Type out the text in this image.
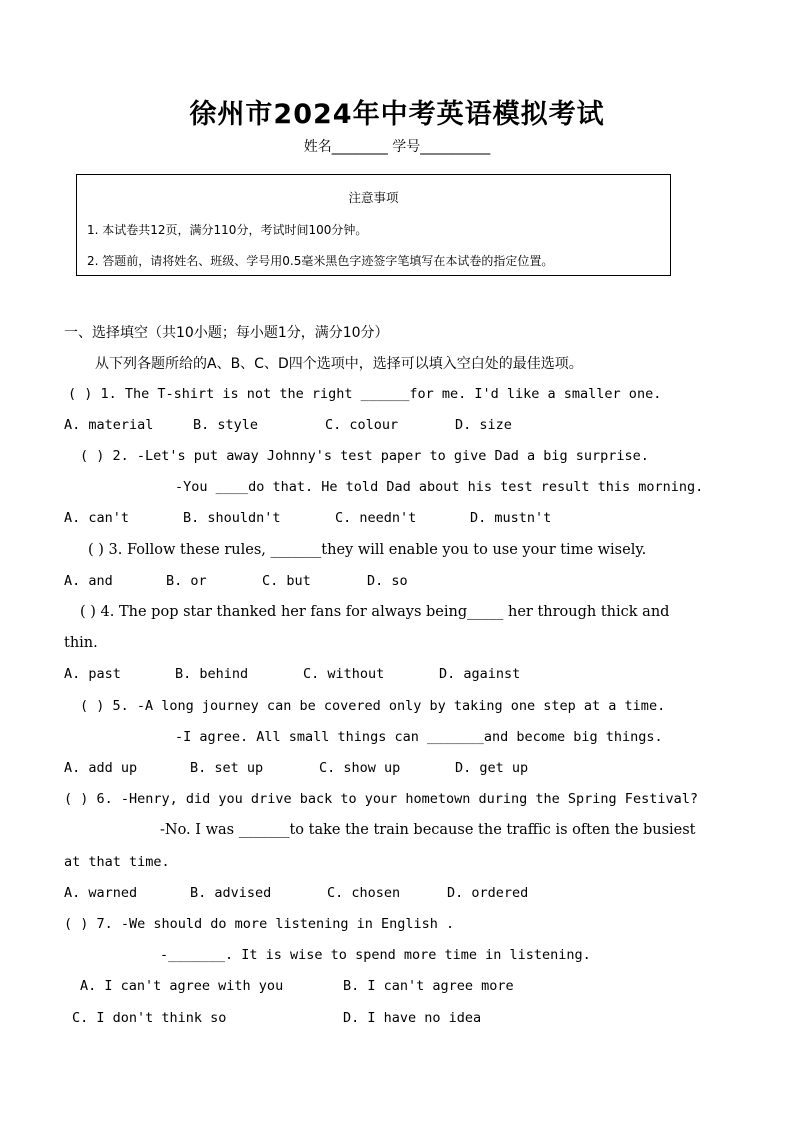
徐州市2024年中考英语模拟考试
姓名________ 学号__________
注意事项
1. 本试卷共12页，满分110分，考试时间100分钟。
2. 答题前，请将姓名、班级、学号用0.5毫米黑色字迹签字笔填写在本试卷的指定位置。
一、选择填空（共10小题；每小题1分，满分10分）
从下列各题所给的A、B、C、D四个选项中，选择可以填入空白处的最佳选项。
( ) 1. The T-shirt is not the right ______for me. I'd like a smaller one.
A. material	B. style	C. colour	D. size
( ) 2. -Let's put away Johnny's test paper to give Dad a big surprise.
-You ____do that. He told Dad about his test result this morning.
A. can't	B. shouldn't	C. needn't	D. mustn't
( ) 3. Follow these rules, _______they will enable you to use your time wisely.
A. and	B. or	C. but	D. so
( ) 4. The pop star thanked her fans for always being_____ her through thick and
thin.
A. past	B. behind	C. without	D. against
( ) 5. -A long journey can be covered only by taking one step at a time.
-I agree. All small things can _______and become big things.
A. add up	B. set up	C. show up	D. get up
( ) 6. -Henry, did you drive back to your hometown during the Spring Festival?
-No. I was _______to take the train because the traffic is often the busiest
at that time.
A. warned	B. advised	C. chosen	D. ordered
( ) 7. -We should do more listening in English .
-_______. It is wise to spend more time in listening.
A. I can't agree with you	B. I can't agree more
C. I don't think so	D. I have no idea
